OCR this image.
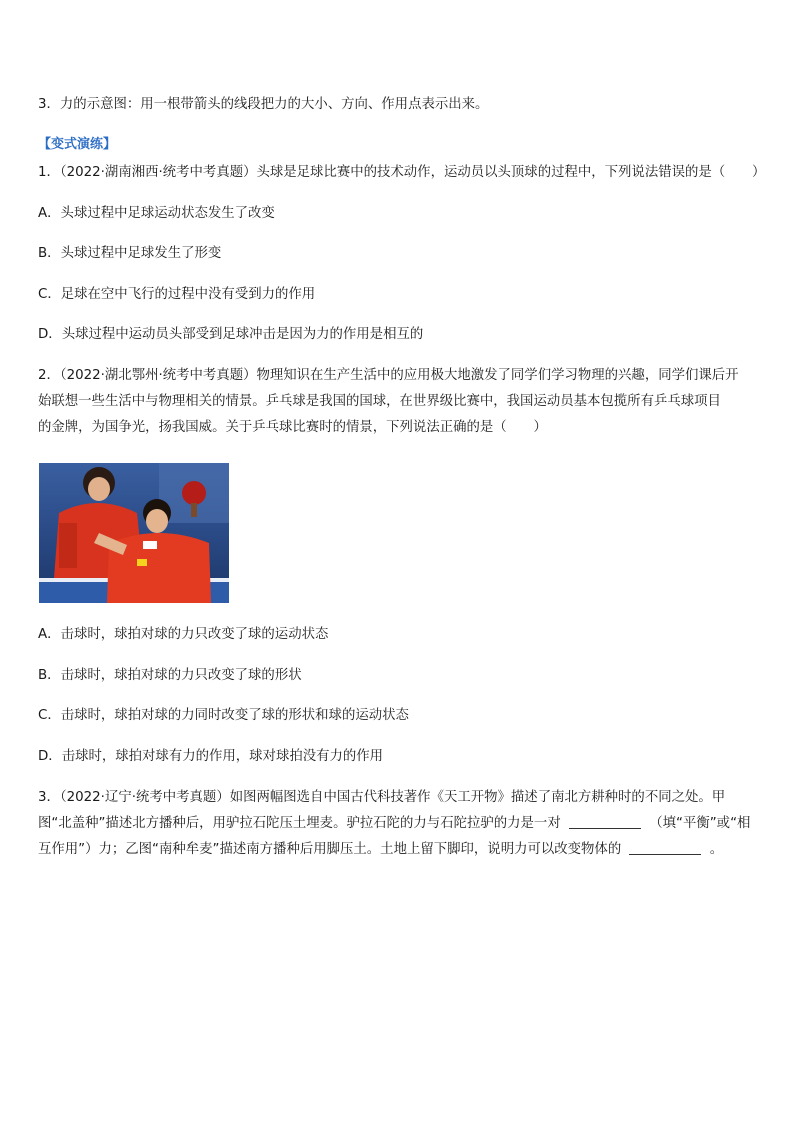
3．力的示意图：用一根带箭头的线段把力的大小、方向、作用点表示出来。
【变式演练】
1．（2022·湖南湘西·统考中考真题）头球是足球比赛中的技术动作，运动员以头顶球的过程中，下列说法错误的是（　　）
A．头球过程中足球运动状态发生了改变
B．头球过程中足球发生了形变
C．足球在空中飞行的过程中没有受到力的作用
D．头球过程中运动员头部受到足球冲击是因为力的作用是相互的
2．（2022·湖北鄂州·统考中考真题）物理知识在生产生活中的应用极大地激发了同学们学习物理的兴趣，同学们课后开
始联想一些生活中与物理相关的情景。乒乓球是我国的国球，在世界级比赛中，我国运动员基本包揽所有乒乓球项目
的金牌，为国争光，扬我国威。关于乒乓球比赛时的情景，下列说法正确的是（　　）
A．击球时，球拍对球的力只改变了球的运动状态
B．击球时，球拍对球的力只改变了球的形状
C．击球时，球拍对球的力同时改变了球的形状和球的运动状态
D．击球时，球拍对球有力的作用，球对球拍没有力的作用
3．（2022·辽宁·统考中考真题）如图两幅图选自中国古代科技著作《天工开物》描述了南北方耕种时的不同之处。甲
图“北盖种”描述北方播种后，用驴拉石陀压土埋麦。驴拉石陀的力与石陀拉驴的力是一对	（填“平衡”或“相
互作用”）力；乙图“南种牟麦”描述南方播种后用脚压土。土地上留下脚印，说明力可以改变物体的	。
